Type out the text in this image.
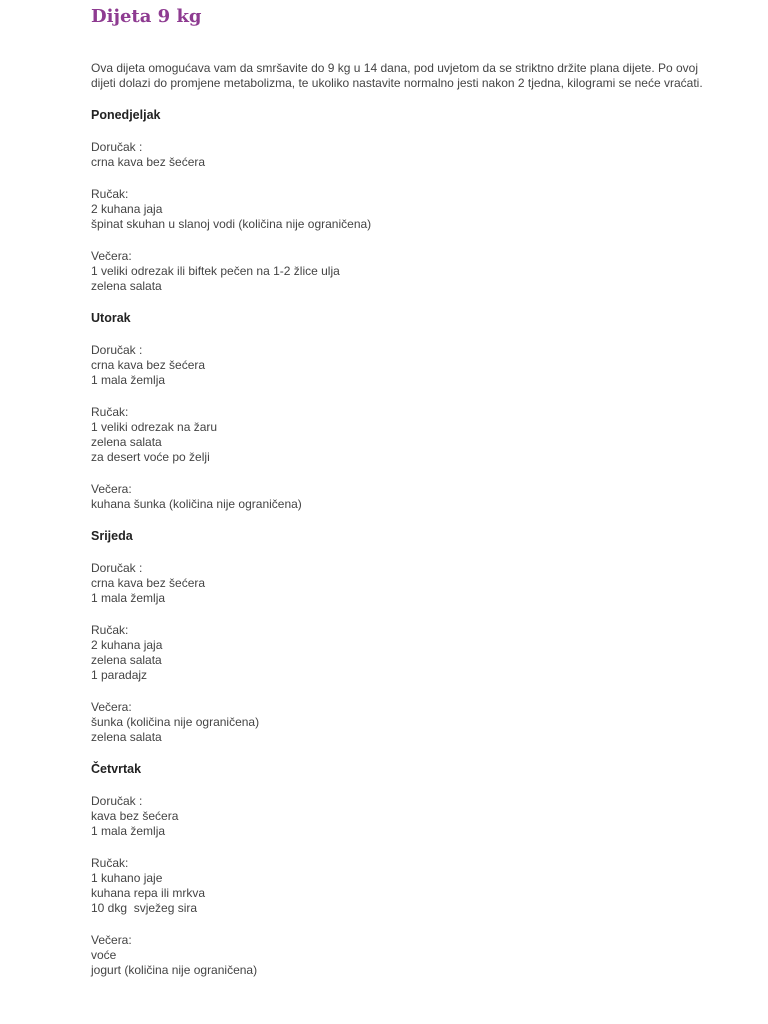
Dijeta 9 kg
Ova dijeta omogućava vam da smršavite do 9 kg u 14 dana, pod uvjetom da se striktno držite plana dijete. Po ovoj dijeti dolazi do promjene metabolizma, te ukoliko nastavite normalno jesti nakon 2 tjedna, kilogrami se neće vraćati.
Ponedjeljak
Doručak :
crna kava bez šećera
Ručak:
2 kuhana jaja
špinat skuhan u slanoj vodi (količina nije ograničena)
Večera:
1 veliki odrezak ili biftek pečen na 1-2 žlice ulja
zelena salata
Utorak
Doručak :
crna kava bez šećera
1 mala žemlja
Ručak:
1 veliki odrezak na žaru
zelena salata
za desert voće po želji
Večera:
kuhana šunka (količina nije ograničena)
Srijeda
Doručak :
crna kava bez šećera
1 mala žemlja
Ručak:
2 kuhana jaja
zelena salata
1 paradajz
Večera:
šunka (količina nije ograničena)
zelena salata
Četvrtak
Doručak :
kava bez šećera
1 mala žemlja
Ručak:
1 kuhano jaje
kuhana repa ili mrkva
10 dkg  svježeg sira
Večera:
voće
jogurt (količina nije ograničena)
